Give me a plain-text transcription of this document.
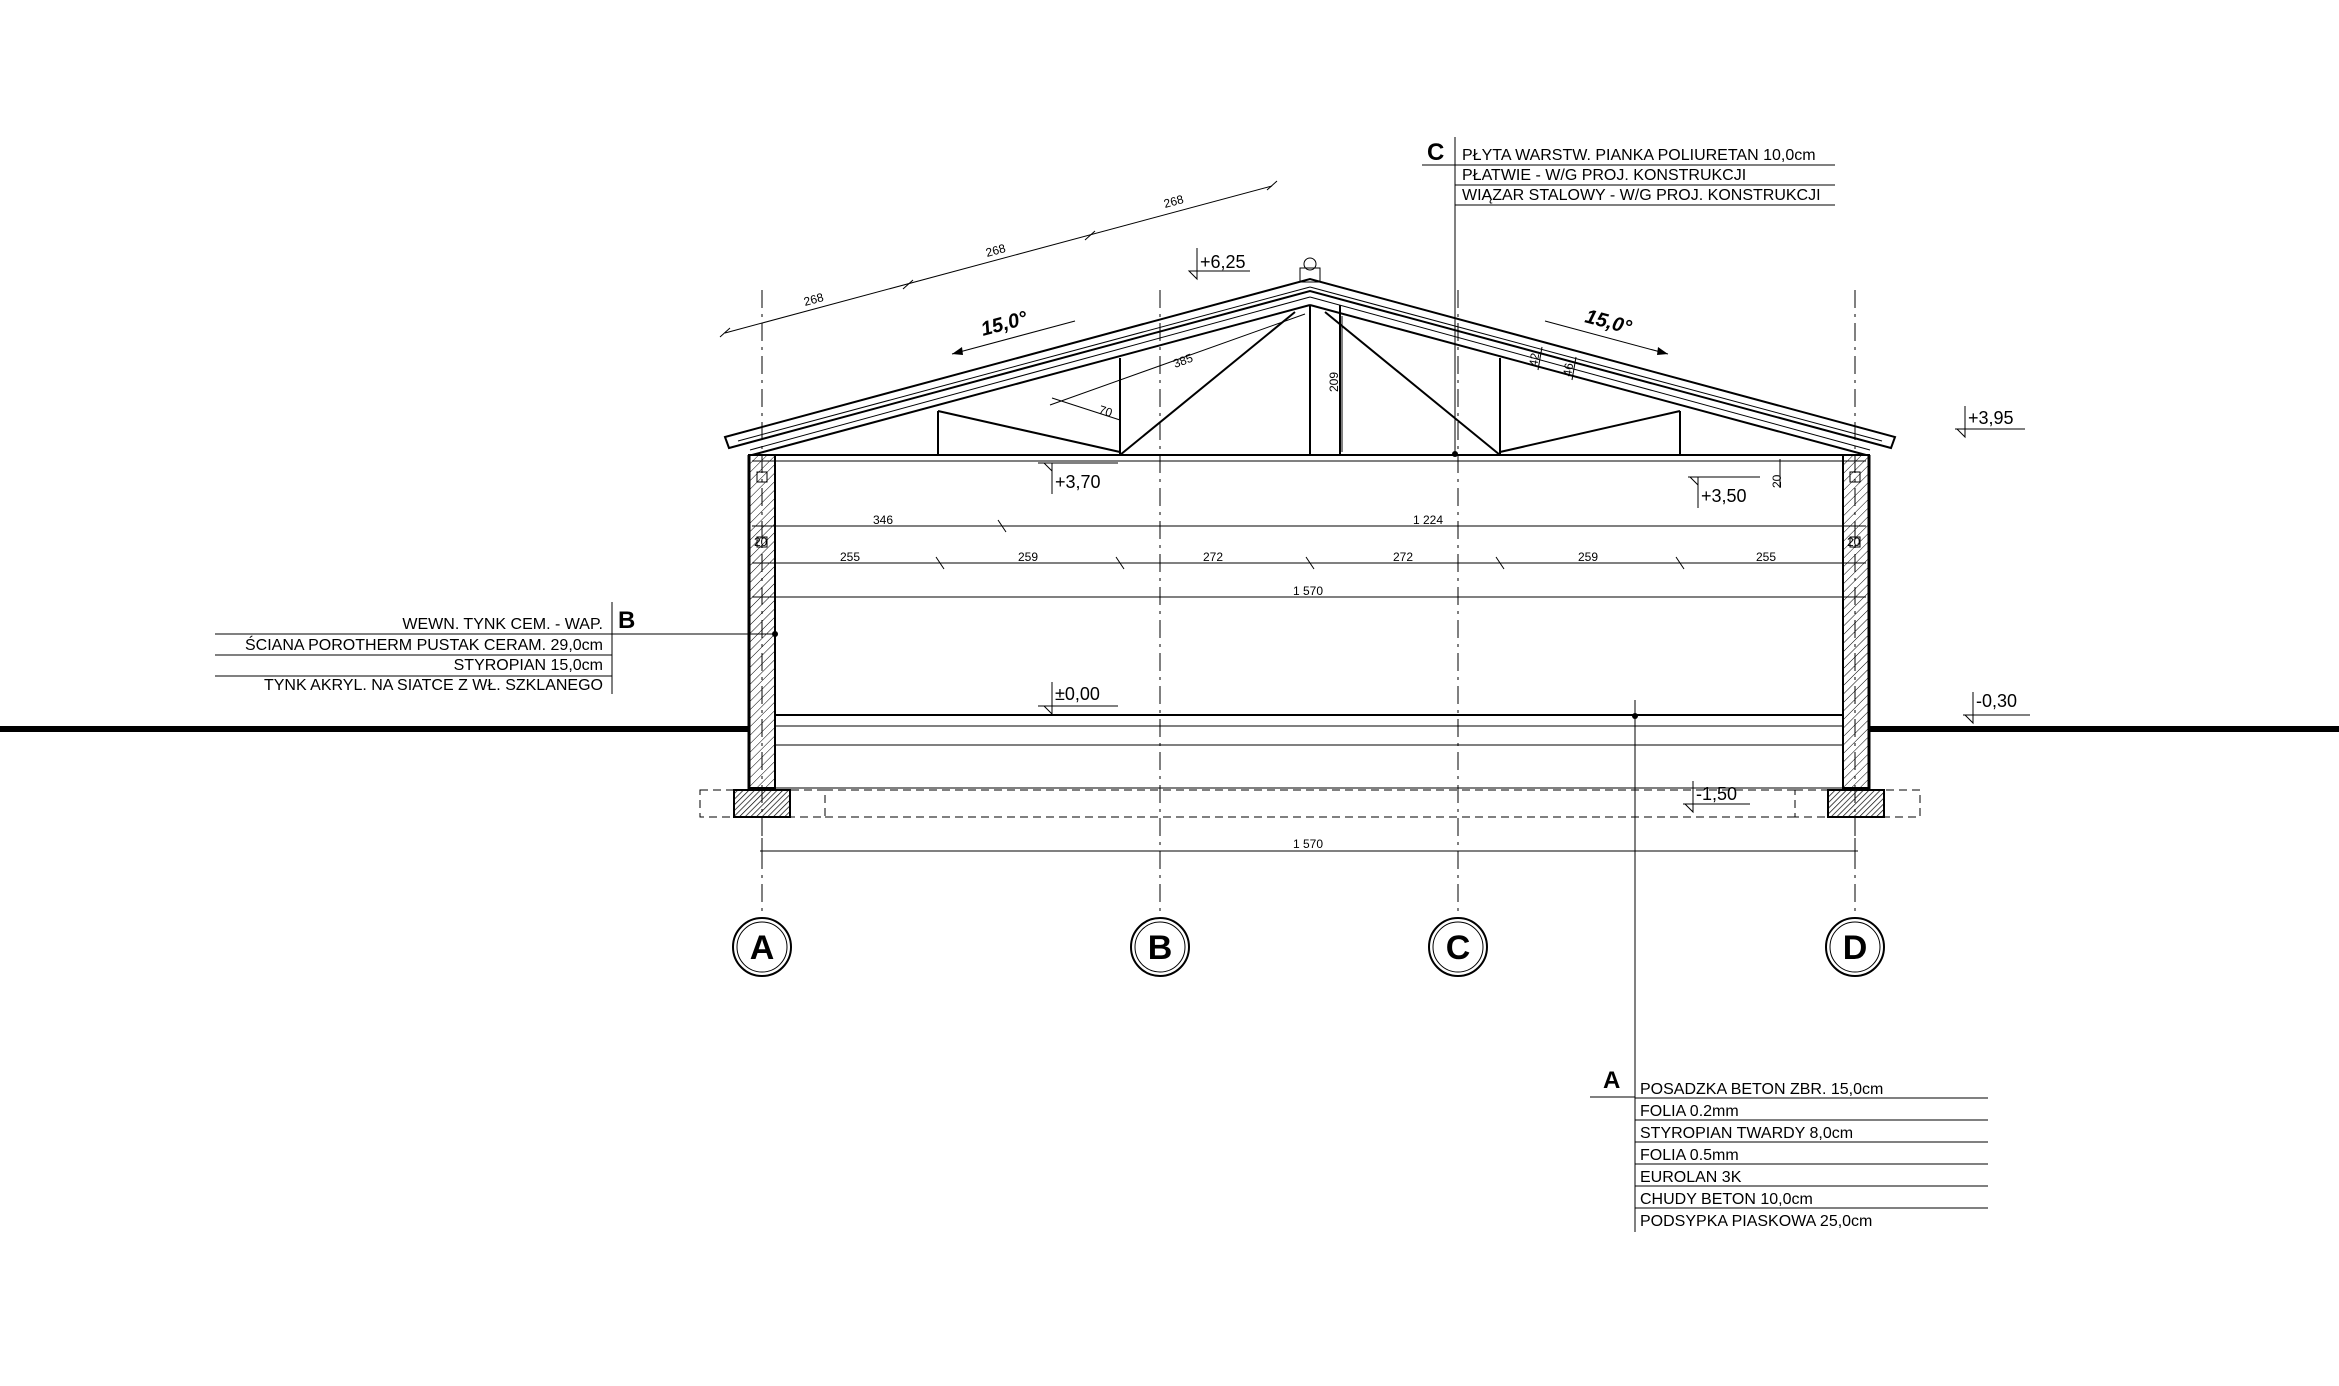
268
268
268
15,0°	15,0°
385
209
70
42
46
20
346	1 224
255	259	272	272	259	255
1 570
1 570
20	20
+6,25
+3,95
+3,70
+3,50
±0,00	-0,30
-1,50
A	B	C	D
A POSADZKA BETON ZBR. 15,0cm
FOLIA 0.2mm
STYROPIAN TWARDY 8,0cm
FOLIA 0.5mm
EUROLAN 3K
CHUDY BETON 10,0cm
PODSYPKA PIASKOWA 25,0cm
B
WEWN. TYNK CEM. - WAP.
ŚCIANA POROTHERM PUSTAK CERAM. 29,0cm
STYROPIAN 15,0cm
TYNK AKRYL. NA SIATCE Z WŁ. SZKLANEGO
C PŁYTA WARSTW. PIANKA POLIURETAN 10,0cm
PŁATWIE - W/G PROJ. KONSTRUKCJI
WIĄZAR STALOWY - W/G PROJ. KONSTRUKCJI
